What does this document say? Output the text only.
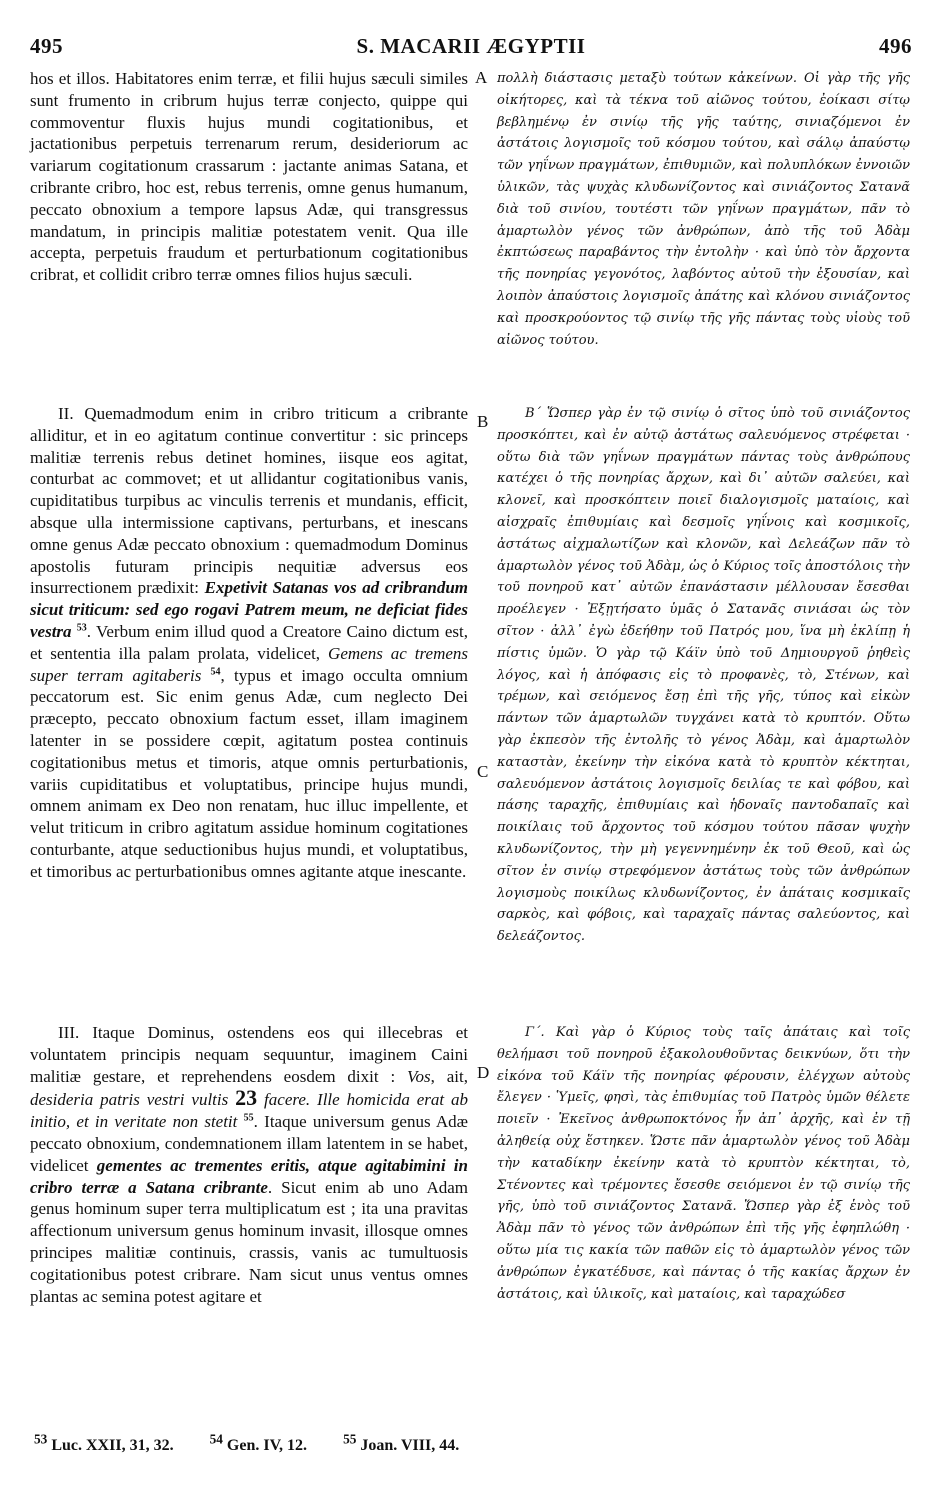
495	S. MACARII ÆGYPTII	496

hos et illos. Habitatores enim terræ, et filii hujus sæculi similes sunt frumento in cribrum hujus terræ conjecto, quippe qui commoventur fluxis hujus mundi cogitationibus, et jactationibus perpetuis terrenarum rerum, desideriorum ac variarum cogitationum crassarum : jactante animas Satana, et cribrante cribro, hoc est, rebus terrenis, omne genus humanum, peccato obnoxium a tempore lapsus Adæ, qui transgressus mandatum, in principis malitiæ potestatem venit. Qua ille accepta, perpetuis fraudum et perturbationum cogitationibus cribrat, et collidit cribro terræ omnes filios hujus sæculi.

II. Quemadmodum enim in cribro triticum a cribrante alliditur, et in eo agitatum continue convertitur : sic princeps malitiæ terrenis rebus detinet homines, iisque eos agitat, conturbat ac commovet; et ut allidantur cogitationibus vanis, cupiditatibus turpibus ac vinculis terrenis et mundanis, efficit, absque ulla intermissione captivans, perturbans, et inescans omne genus Adæ peccato obnoxium : quemadmodum Dominus apostolis futuram principis nequitiæ adversus eos insurrectionem prædixit: Expetivit Satanas vos ad cribrandum sicut triticum: sed ego rogavi Patrem meum, ne deficiat fides vestra $^{53}$. Verbum enim illud quod a Creatore Caino dictum est, et sententia illa palam prolata, videlicet, Gemens ac tremens super terram agitaberis $^{54}$, typus et imago occulta omnium peccatorum est. Sic enim genus Adæ, cum neglecto Dei præcepto, peccato obnoxium factum esset, illam imaginem latenter in se possidere cœpit, agitatum postea continuis cogitationibus metus et timoris, atque omnis perturbationis, variis cupiditatibus et voluptatibus, principe hujus mundi, omnem animam ex Deo non renatam, huc illuc impellente, et velut triticum in cribro agitatum assidue hominum cogitationes conturbante, atque seductionibus hujus mundi, et voluptatibus, et timoribus ac perturbationibus omnes agitante atque inescante.

III. Itaque Dominus, ostendens eos qui illecebras et voluntatem principis nequam sequuntur, imaginem Caini malitiæ gestare, et reprehendens eosdem dixit : Vos, ait, desideria patris vestri vultis 23 facere. Ille homicida erat ab initio, et in veritate non stetit $^{55}$. Itaque universum genus Adæ peccato obnoxium, condemnationem illam latentem in se habet, videlicet gementes ac trementes eritis, atque agitabimini in cribro terræ a Satana cribrante. Sicut enim ab uno Adam genus hominum super terra multiplicatum est ; ita una pravitas affectionum universum genus hominum invasit, illosque omnes principes malitiæ continuis, crassis, vanis ac tumultuosis cogitationibus potest cribrare. Nam sicut unus ventus omnes plantas ac semina potest agitare et

A
B
C
D

πολλὴ διάστασις μεταξὺ τούτων κἀκείνων. Οἱ γὰρ τῆς γῆς οἰκήτορες, καὶ τὰ τέκνα τοῦ αἰῶνος τούτου, ἐοίκασι σίτῳ βεβλημένῳ ἐν σινίῳ τῆς γῆς ταύτης, σινιαζόμενοι ἐν ἀστάτοις λογισμοῖς τοῦ κόσμου τούτου, καὶ σάλῳ ἀπαύστῳ τῶν γηΐνων πραγμάτων, ἐπιθυμιῶν, καὶ πολυπλόκων ἐννοιῶν ὑλικῶν, τὰς ψυχὰς κλυδωνίζοντος καὶ σινιάζοντος Σατανᾶ διὰ τοῦ σινίου, τουτέστι τῶν γηΐνων πραγμάτων, πᾶν τὸ ἁμαρτωλὸν γένος τῶν ἀνθρώπων, ἀπὸ τῆς τοῦ Ἀδὰμ ἐκπτώσεως παραβάντος τὴν ἐντολὴν · καὶ ὑπὸ τὸν ἄρχοντα τῆς πονηρίας γεγονότος, λαβόντος αὐτοῦ τὴν ἐξουσίαν, καὶ λοιπὸν ἀπαύστοις λογισμοῖς ἀπάτης καὶ κλόνου σινιάζοντος καὶ προσκρούοντος τῷ σινίῳ τῆς γῆς πάντας τοὺς υἱοὺς τοῦ αἰῶνος τούτου.

Β΄ Ὥσπερ γὰρ ἐν τῷ σινίῳ ὁ σῖτος ὑπὸ τοῦ σινιάζοντος προσκόπτει, καὶ ἐν αὐτῷ ἀστάτως σαλευόμενος στρέφεται · οὕτω διὰ τῶν γηΐνων πραγμάτων πάντας τοὺς ἀνθρώπους κατέχει ὁ τῆς πονηρίας ἄρχων, καὶ δι᾿ αὐτῶν σαλεύει, καὶ κλονεῖ, καὶ προσκόπτειν ποιεῖ διαλογισμοῖς ματαίοις, καὶ αἰσχραῖς ἐπιθυμίαις καὶ δεσμοῖς γηΐνοις καὶ κοσμικοῖς, ἀστάτως αἰχμαλωτίζων καὶ κλονῶν, καὶ Δελεάζων πᾶν τὸ ἁμαρτωλὸν γένος τοῦ Ἀδὰμ, ὡς ὁ Κύριος τοῖς ἀποστόλοις τὴν τοῦ πονηροῦ κατ᾿ αὐτῶν ἐπανάστασιν μέλλουσαν ἔσεσθαι προέλεγεν · Ἐξῃτήσατο ὑμᾶς ὁ Σατανᾶς σινιάσαι ὡς τὸν σῖτον · ἀλλ᾿ ἐγὼ ἐδεήθην τοῦ Πατρός μου, ἵνα μὴ ἐκλίπῃ ἡ πίστις ὑμῶν. Ὁ γὰρ τῷ Κάϊν ὑπὸ τοῦ Δημιουργοῦ ῥηθεὶς λόγος, καὶ ἡ ἀπόφασις εἰς τὸ προφανὲς, τὸ, Στένων, καὶ τρέμων, καὶ σειόμενος ἔσῃ ἐπὶ τῆς γῆς, τύπος καὶ εἰκὼν πάντων τῶν ἁμαρτωλῶν τυγχάνει κατὰ τὸ κρυπτόν. Οὕτω γὰρ ἐκπεσὸν τῆς ἐντολῆς τὸ γένος Ἀδὰμ, καὶ ἁμαρτωλὸν καταστὰν, ἐκείνην τὴν εἰκόνα κατὰ τὸ κρυπτὸν κέκτηται, σαλευόμενον ἀστάτοις λογισμοῖς δειλίας τε καὶ φόβου, καὶ πάσης ταραχῆς, ἐπιθυμίαις καὶ ἡδοναῖς παντοδαπαῖς καὶ ποικίλαις τοῦ ἄρχοντος τοῦ κόσμου τούτου πᾶσαν ψυχὴν κλυδωνίζοντος, τὴν μὴ γεγεννημένην ἐκ τοῦ Θεοῦ, καὶ ὡς σῖτον ἐν σινίῳ στρεφόμενον ἀστάτως τοὺς τῶν ἀνθρώπων λογισμοὺς ποικίλως κλυδωνίζοντος, ἐν ἀπάταις κοσμικαῖς σαρκὸς, καὶ φόβοις, καὶ ταραχαῖς πάντας σαλεύοντος, καὶ δελεάζοντος.

Γ΄. Καὶ γὰρ ὁ Κύριος τοὺς ταῖς ἀπάταις καὶ τοῖς θελήμασι τοῦ πονηροῦ ἐξακολουθοῦντας δεικνύων, ὅτι τὴν εἰκόνα τοῦ Κάϊν τῆς πονηρίας φέρουσιν, ἐλέγχων αὐτοὺς ἔλεγεν · Ὑμεῖς, φησὶ, τὰς ἐπιθυμίας τοῦ Πατρὸς ὑμῶν θέλετε ποιεῖν · Ἐκεῖνος ἀνθρωποκτόνος ἦν ἀπ᾿ ἀρχῆς, καὶ ἐν τῇ ἀληθείᾳ οὐχ ἕστηκεν. Ὥστε πᾶν ἁμαρτωλὸν γένος τοῦ Ἀδὰμ τὴν καταδίκην ἐκείνην κατὰ τὸ κρυπτὸν κέκτηται, τὸ, Στένοντες καὶ τρέμοντες ἔσεσθε σειόμενοι ἐν τῷ σινίῳ τῆς γῆς, ὑπὸ τοῦ σινιάζοντος Σατανᾶ. Ὥσπερ γὰρ ἐξ ἑνὸς τοῦ Ἀδὰμ πᾶν τὸ γένος τῶν ἀνθρώπων ἐπὶ τῆς γῆς ἐφηπλώθη · οὕτω μία τις κακία τῶν παθῶν εἰς τὸ ἁμαρτωλὸν γένος τῶν ἀνθρώπων ἐγκατέδυσε, καὶ πάντας ὁ τῆς κακίας ἄρχων ἐν ἀστάτοις, καὶ ὑλικοῖς, καὶ ματαίοις, καὶ ταραχώδεσ

$^{53}$ Luc. XXII, 31, 32.	$^{54}$ Gen. IV, 12.	$^{55}$ Joan. VIII, 44.
